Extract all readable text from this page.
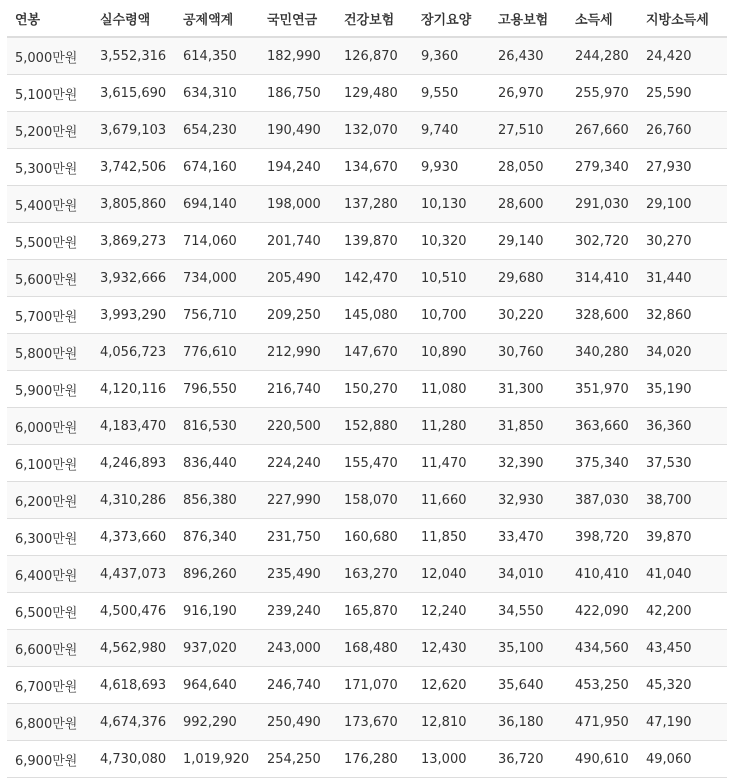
연봉	실수령액	공제액계	국민연금	건강보험	장기요양	고용보험	소득세	지방소득세
5,000만원	3,552,316	614,350	182,990	126,870	9,360	26,430	244,280	24,420
5,100만원	3,615,690	634,310	186,750	129,480	9,550	26,970	255,970	25,590
5,200만원	3,679,103	654,230	190,490	132,070	9,740	27,510	267,660	26,760
5,300만원	3,742,506	674,160	194,240	134,670	9,930	28,050	279,340	27,930
5,400만원	3,805,860	694,140	198,000	137,280	10,130	28,600	291,030	29,100
5,500만원	3,869,273	714,060	201,740	139,870	10,320	29,140	302,720	30,270
5,600만원	3,932,666	734,000	205,490	142,470	10,510	29,680	314,410	31,440
5,700만원	3,993,290	756,710	209,250	145,080	10,700	30,220	328,600	32,860
5,800만원	4,056,723	776,610	212,990	147,670	10,890	30,760	340,280	34,020
5,900만원	4,120,116	796,550	216,740	150,270	11,080	31,300	351,970	35,190
6,000만원	4,183,470	816,530	220,500	152,880	11,280	31,850	363,660	36,360
6,100만원	4,246,893	836,440	224,240	155,470	11,470	32,390	375,340	37,530
6,200만원	4,310,286	856,380	227,990	158,070	11,660	32,930	387,030	38,700
6,300만원	4,373,660	876,340	231,750	160,680	11,850	33,470	398,720	39,870
6,400만원	4,437,073	896,260	235,490	163,270	12,040	34,010	410,410	41,040
6,500만원	4,500,476	916,190	239,240	165,870	12,240	34,550	422,090	42,200
6,600만원	4,562,980	937,020	243,000	168,480	12,430	35,100	434,560	43,450
6,700만원	4,618,693	964,640	246,740	171,070	12,620	35,640	453,250	45,320
6,800만원	4,674,376	992,290	250,490	173,670	12,810	36,180	471,950	47,190
6,900만원	4,730,080	1,019,920	254,250	176,280	13,000	36,720	490,610	49,060
